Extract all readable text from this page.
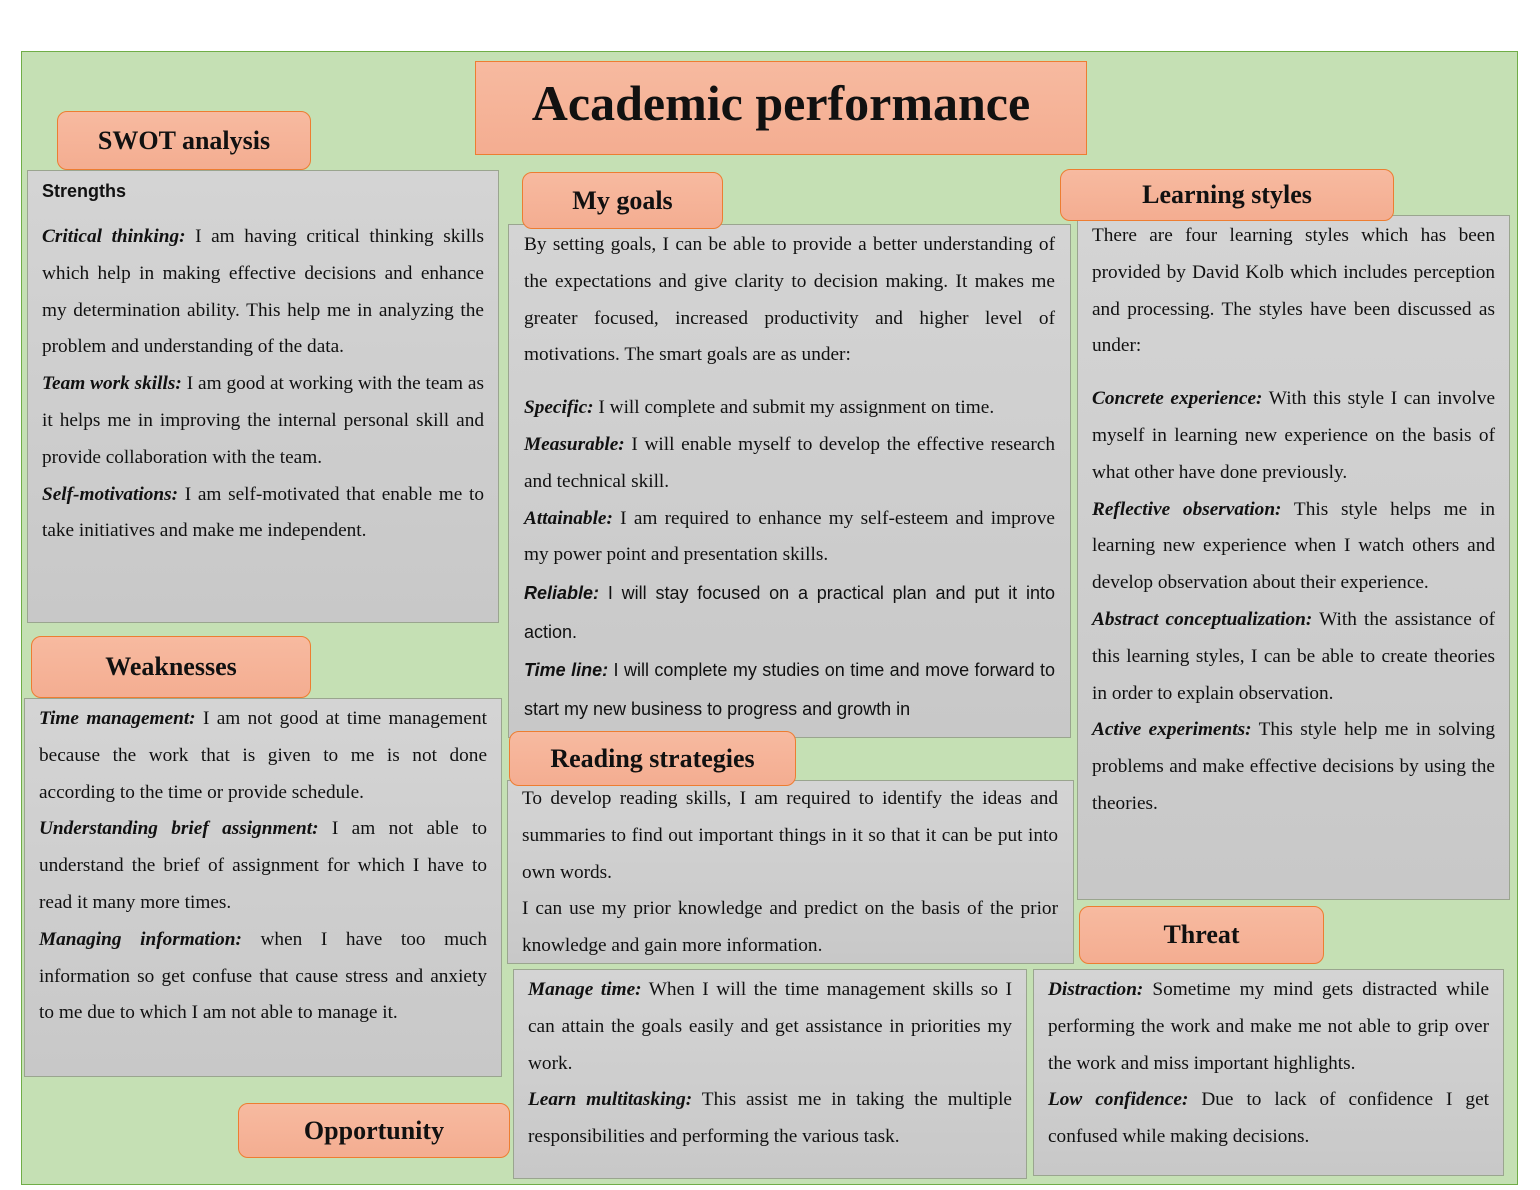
Academic performance
SWOT analysis

Strengths

Critical thinking: I am having critical thinking skills which help in making effective decisions and enhance my determination ability. This help me in analyzing the problem and understanding of the data.

Team work skills: I am good at working with the team as it helps me in improving the internal personal skill and provide collaboration with the team.

Self-motivations: I am self-motivated that enable me to take initiatives and make me independent.

Weaknesses

Time management: I am not good at time management because the work that is given to me is not done according to the time or provide schedule.

Understanding brief assignment: I am not able to understand the brief of assignment for which I have to read it many more times.

Managing information: when I have too much information so get confuse that cause stress and anxiety to me due to which I am not able to manage it.

Opportunity

Manage time: When I will the time management skills so I can attain the goals easily and get assistance in priorities my work.

Learn multitasking: This assist me in taking the multiple responsibilities and performing the various task.

My goals

By setting goals, I can be able to provide a better understanding of the expectations and give clarity to decision making. It makes me greater focused, increased productivity and higher level of motivations. The smart goals are as under:

Specific: I will complete and submit my assignment on time.

Measurable: I will enable myself to develop the effective research and technical skill.

Attainable: I am required to enhance my self-esteem and improve my power point and presentation skills.

Reliable: I will stay focused on a practical plan and put it into action.

Time line: I will complete my studies on time and move forward to start my new business to progress and growth in

Reading strategies

To develop reading skills, I am required to identify the ideas and summaries to find out important things in it so that it can be put into own words.

I can use my prior knowledge and predict on the basis of the prior knowledge and gain more information.

Learning styles

There are four learning styles which has been provided by David Kolb which includes perception and processing. The styles have been discussed as under:

Concrete experience: With this style I can involve myself in learning new experience on the basis of what other have done previously.

Reflective observation: This style helps me in learning new experience when I watch others and develop observation about their experience.

Abstract conceptualization: With the assistance of this learning styles, I can be able to create theories in order to explain observation.

Active experiments: This style help me in solving problems and make effective decisions by using the theories.

Threat

Distraction: Sometime my mind gets distracted while performing the work and make me not able to grip over the work and miss important highlights.

Low confidence: Due to lack of confidence I get confused while making decisions.
